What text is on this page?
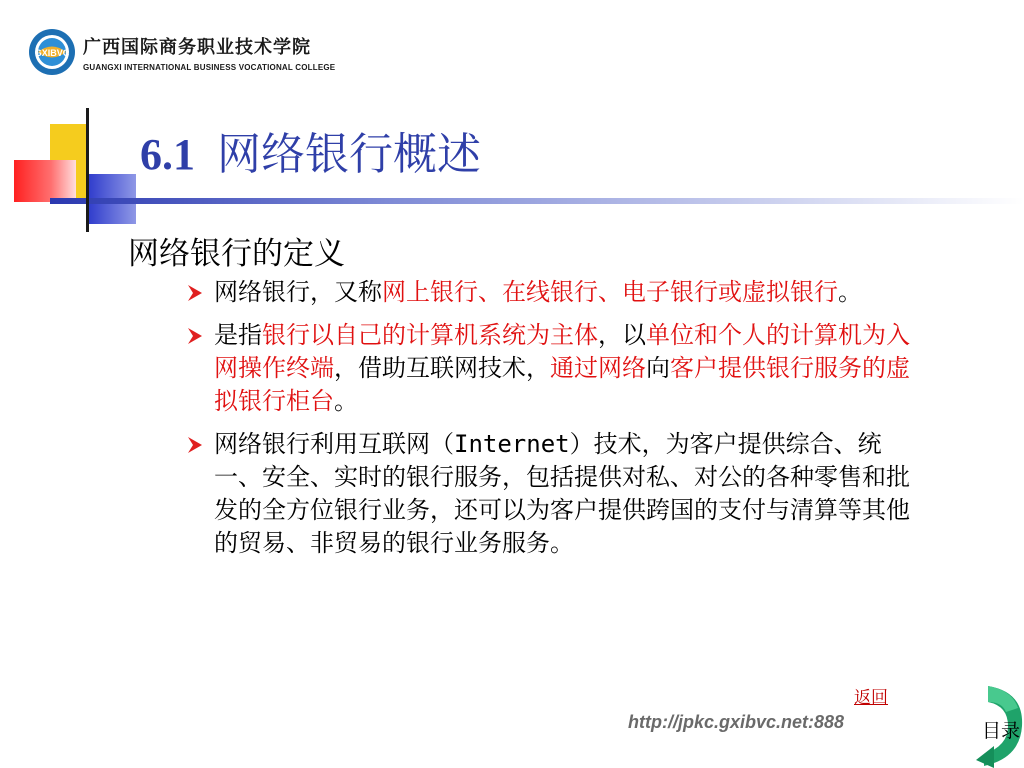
GXIBVC 广西国际商务职业技术学院
GUANGXI INTERNATIONAL BUSINESS VOCATIONAL COLLEGE
6.1 网络银行概述
网络银行的定义
网络银行，又称网上银行、在线银行、电子银行或虚拟银行。
是指银行以自己的计算机系统为主体，以单位和个人的计算机为入网操作终端，借助互联网技术，通过网络向客户提供银行服务的虚拟银行柜台。
网络银行利用互联网（Internet）技术，为客户提供综合、统一、安全、实时的银行服务，包括提供对私、对公的各种零售和批发的全方位银行业务，还可以为客户提供跨国的支付与清算等其他的贸易、非贸易的银行业务服务。
返回
http://jpkc.gxibvc.net:888	目录
